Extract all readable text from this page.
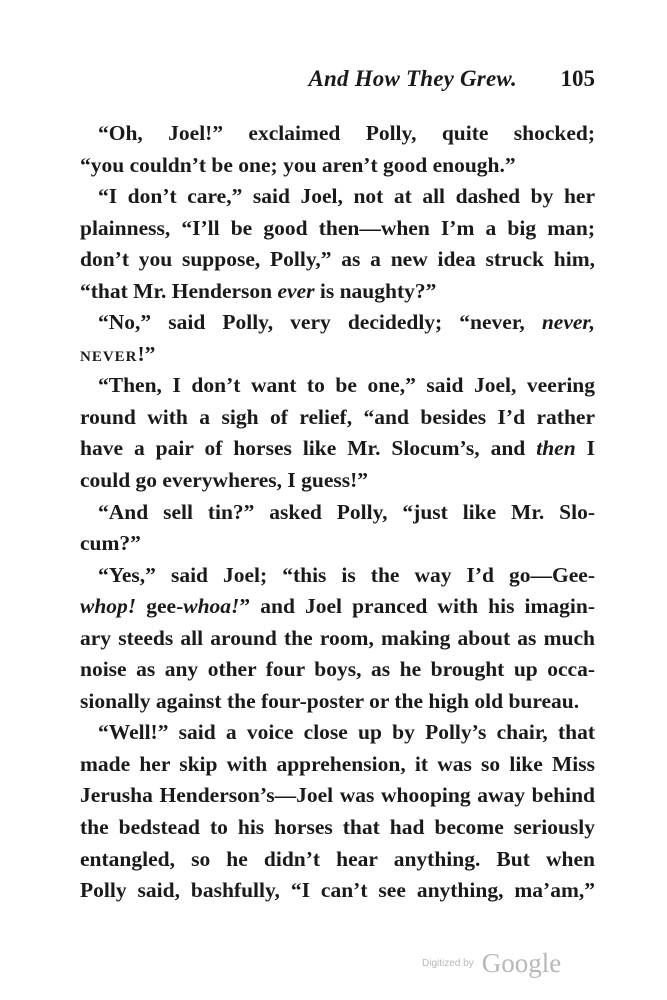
And How They Grew. 105
“Oh, Joel!” exclaimed Polly, quite shocked;
“you couldn’t be one; you aren’t good enough.”
“I don’t care,” said Joel, not at all dashed by her
plainness, “I’ll be good then—when I’m a big man;
don’t you suppose, Polly,” as a new idea struck him,
“that Mr. Henderson ever is naughty?”
“No,” said Polly, very decidedly; “never, never,
NEVER!”
“Then, I don’t want to be one,” said Joel, veering
round with a sigh of relief, “and besides I’d rather
have a pair of horses like Mr. Slocum’s, and then I
could go everywheres, I guess!”
“And sell tin?” asked Polly, “just like Mr. Slo-
cum?”
“Yes,” said Joel; “this is the way I’d go—Gee-
whop! gee-whoa!” and Joel pranced with his imagin-
ary steeds all around the room, making about as much
noise as any other four boys, as he brought up occa-
sionally against the four-poster or the high old bureau.
“Well!” said a voice close up by Polly’s chair, that
made her skip with apprehension, it was so like Miss
Jerusha Henderson’s—Joel was whooping away behind
the bedstead to his horses that had become seriously
entangled, so he didn’t hear anything. But when
Polly said, bashfully, “I can’t see anything, ma’am,”
Digitized by Google
